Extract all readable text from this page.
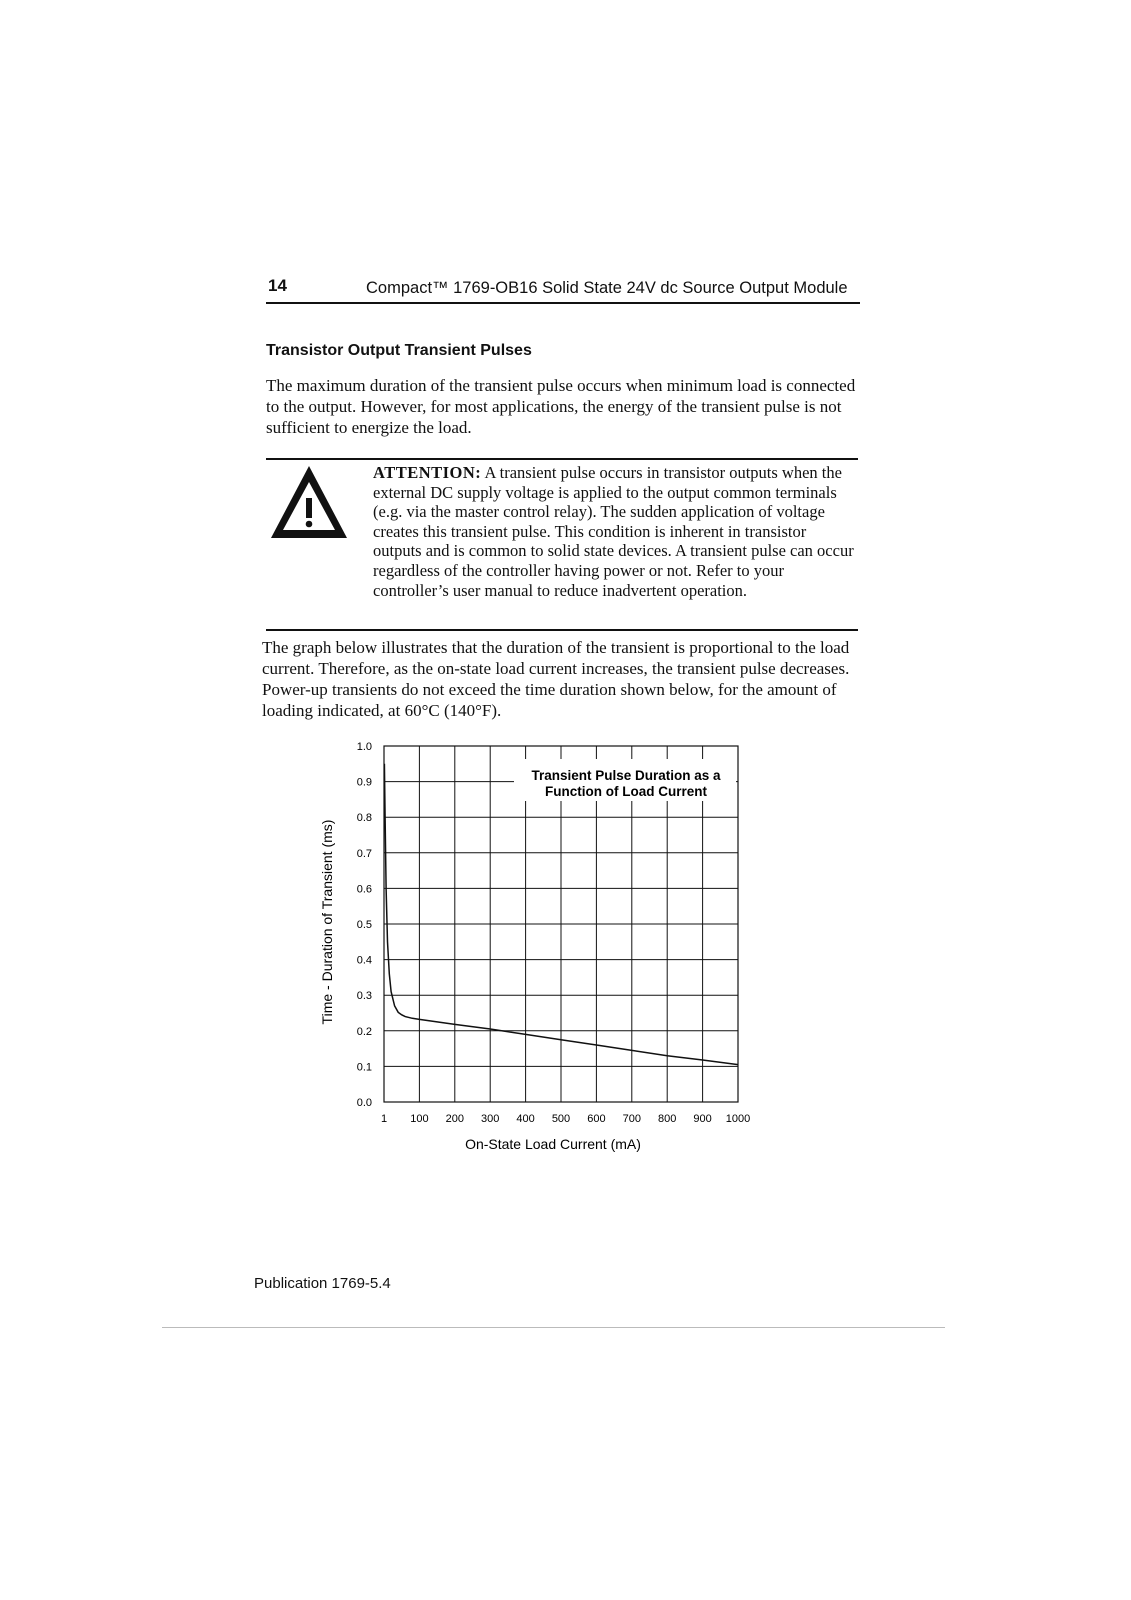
14	Compact™ 1769-OB16 Solid State 24V dc Source Output Module
Transistor Output Transient Pulses
The maximum duration of the transient pulse occurs when minimum load is connected to the output. However, for most applications, the energy of the transient pulse is not sufficient to energize the load.
ATTENTION: A transient pulse occurs in transistor outputs when the external DC supply voltage is applied to the output common terminals (e.g. via the master control relay). The sudden application of voltage creates this transient pulse. This condition is inherent in transistor outputs and is common to solid state devices. A transient pulse can occur regardless of the controller having power or not. Refer to your controller’s user manual to reduce inadvertent operation.
The graph below illustrates that the duration of the transient is proportional to the load current. Therefore, as the on-state load current increases, the transient pulse decreases. Power-up transients do not exceed the time duration shown below, for the amount of loading indicated, at 60°C (140°F).
Transient Pulse Duration as a
Function of Load Current
0.0
0.1
0.2
0.3
0.4
0.5
0.6
0.7
0.8
0.9
1.0
1 100 200 300 400 500 600 700 800 900 1000
On-State Load Current (mA)
Time - Duration of Transient (ms)
Publication 1769-5.4
